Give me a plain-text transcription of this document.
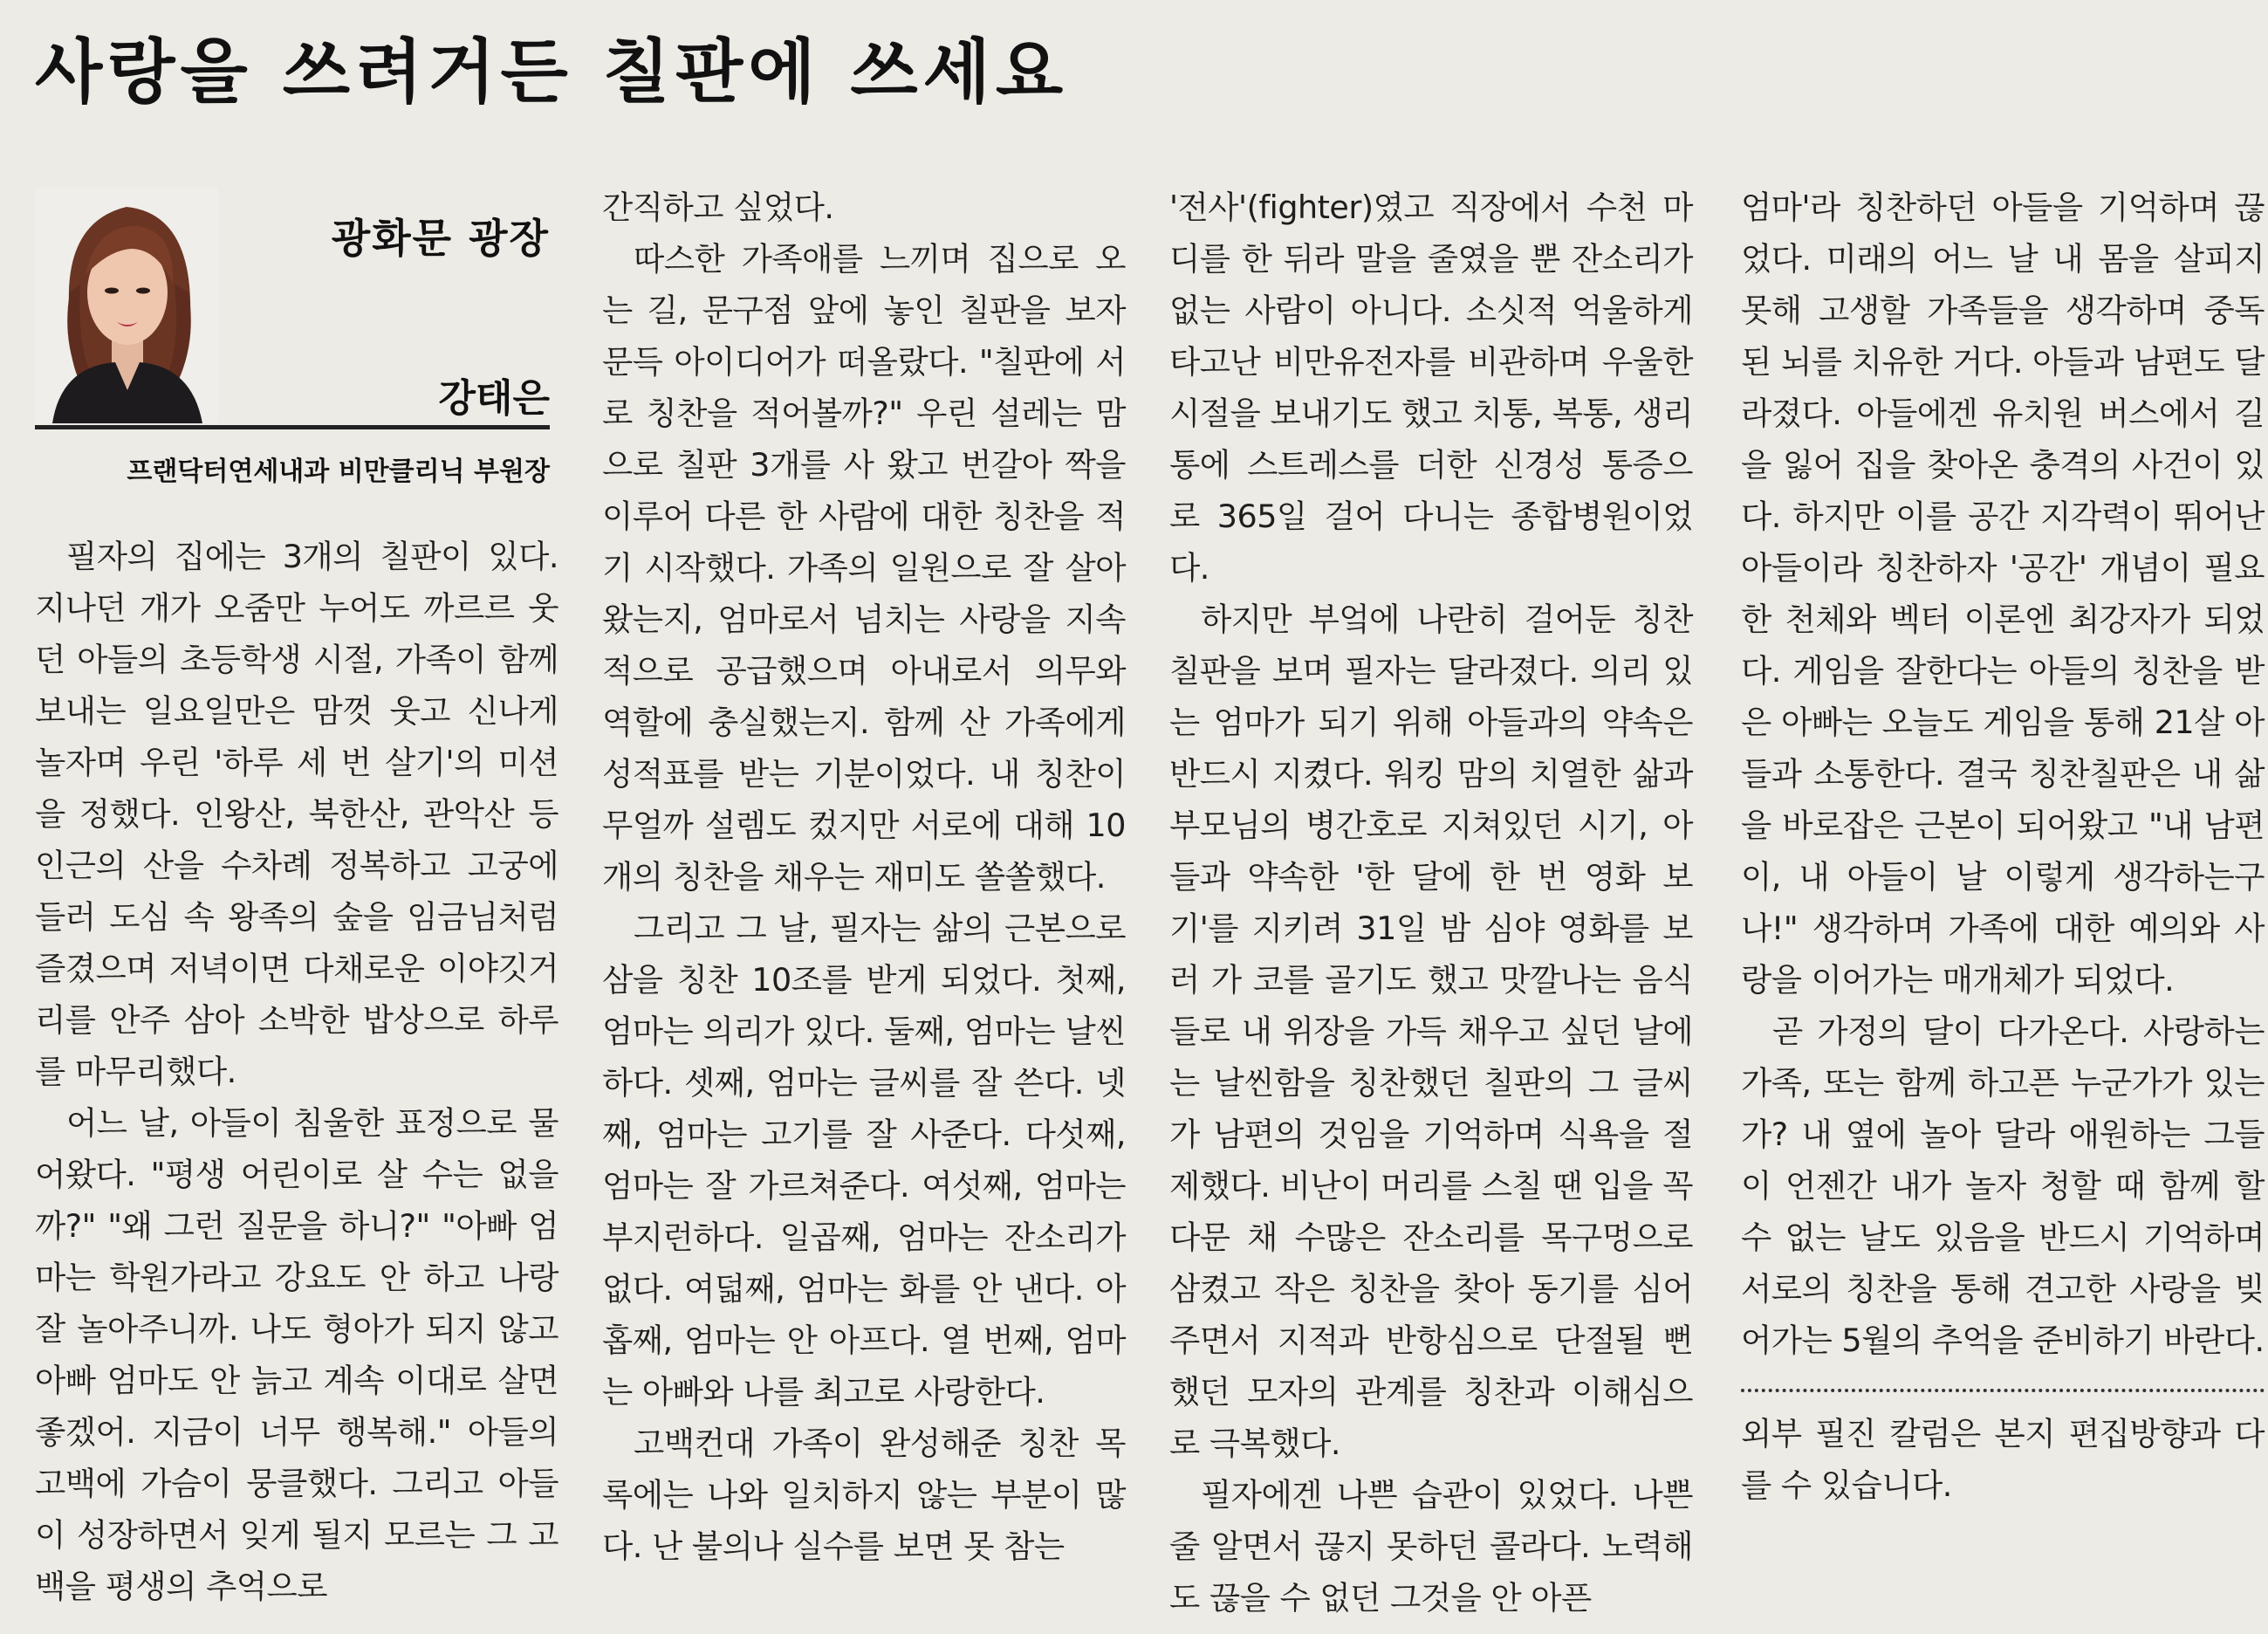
사랑을 쓰려거든 칠판에 쓰세요
광화문 광장
강태은
프랜닥터연세내과 비만클리닉 부원장

필자의 집에는 3개의 칠판이 있다. 지나던 개가 오줌만 누어도 까르르 웃던 아들의 초등학생 시절, 가족이 함께 보내는 일요일만은 맘껏 웃고 신나게 놀자며 우린 '하루 세 번 살기'의 미션을 정했다. 인왕산, 북한산, 관악산 등 인근의 산을 수차례 정복하고 고궁에 들러 도심 속 왕족의 숲을 임금님처럼 즐겼으며 저녁이면 다채로운 이야깃거리를 안주 삼아 소박한 밥상으로 하루를 마무리했다.

어느 날, 아들이 침울한 표정으로 물어왔다. "평생 어린이로 살 수는 없을까?" "왜 그런 질문을 하니?" "아빠 엄마는 학원가라고 강요도 안 하고 나랑 잘 놀아주니까. 나도 형아가 되지 않고 아빠 엄마도 안 늙고 계속 이대로 살면 좋겠어. 지금이 너무 행복해." 아들의 고백에 가슴이 뭉클했다. 그리고 아들이 성장하면서 잊게 될지 모르는 그 고백을 평생의 추억으로

간직하고 싶었다.

따스한 가족애를 느끼며 집으로 오는 길, 문구점 앞에 놓인 칠판을 보자 문득 아이디어가 떠올랐다. "칠판에 서로 칭찬을 적어볼까?" 우린 설레는 맘으로 칠판 3개를 사 왔고 번갈아 짝을 이루어 다른 한 사람에 대한 칭찬을 적기 시작했다. 가족의 일원으로 잘 살아왔는지, 엄마로서 넘치는 사랑을 지속적으로 공급했으며 아내로서 의무와 역할에 충실했는지. 함께 산 가족에게 성적표를 받는 기분이었다. 내 칭찬이 무얼까 설렘도 컸지만 서로에 대해 10개의 칭찬을 채우는 재미도 쏠쏠했다.

그리고 그 날, 필자는 삶의 근본으로 삼을 칭찬 10조를 받게 되었다. 첫째, 엄마는 의리가 있다. 둘째, 엄마는 날씬하다. 셋째, 엄마는 글씨를 잘 쓴다. 넷째, 엄마는 고기를 잘 사준다. 다섯째, 엄마는 잘 가르쳐준다. 여섯째, 엄마는 부지런하다. 일곱째, 엄마는 잔소리가 없다. 여덟째, 엄마는 화를 안 낸다. 아홉째, 엄마는 안 아프다. 열 번째, 엄마는 아빠와 나를 최고로 사랑한다.

고백컨대 가족이 완성해준 칭찬 목록에는 나와 일치하지 않는 부분이 많다. 난 불의나 실수를 보면 못 참는

'전사'(fighter)였고 직장에서 수천 마디를 한 뒤라 말을 줄였을 뿐 잔소리가 없는 사람이 아니다. 소싯적 억울하게 타고난 비만유전자를 비관하며 우울한 시절을 보내기도 했고 치통, 복통, 생리통에 스트레스를 더한 신경성 통증으로 365일 걸어 다니는 종합병원이었다.

하지만 부엌에 나란히 걸어둔 칭찬 칠판을 보며 필자는 달라졌다. 의리 있는 엄마가 되기 위해 아들과의 약속은 반드시 지켰다. 워킹 맘의 치열한 삶과 부모님의 병간호로 지쳐있던 시기, 아들과 약속한 '한 달에 한 번 영화 보기'를 지키려 31일 밤 심야 영화를 보러 가 코를 골기도 했고 맛깔나는 음식들로 내 위장을 가득 채우고 싶던 날에는 날씬함을 칭찬했던 칠판의 그 글씨가 남편의 것임을 기억하며 식욕을 절제했다. 비난이 머리를 스칠 땐 입을 꼭 다문 채 수많은 잔소리를 목구멍으로 삼켰고 작은 칭찬을 찾아 동기를 심어주면서 지적과 반항심으로 단절될 뻔했던 모자의 관계를 칭찬과 이해심으로 극복했다.

필자에겐 나쁜 습관이 있었다. 나쁜 줄 알면서 끊지 못하던 콜라다. 노력해도 끊을 수 없던 그것을 안 아픈

엄마'라 칭찬하던 아들을 기억하며 끊었다. 미래의 어느 날 내 몸을 살피지 못해 고생할 가족들을 생각하며 중독된 뇌를 치유한 거다. 아들과 남편도 달라졌다. 아들에겐 유치원 버스에서 길을 잃어 집을 찾아온 충격의 사건이 있다. 하지만 이를 공간 지각력이 뛰어난 아들이라 칭찬하자 '공간' 개념이 필요한 천체와 벡터 이론엔 최강자가 되었다. 게임을 잘한다는 아들의 칭찬을 받은 아빠는 오늘도 게임을 통해 21살 아들과 소통한다. 결국 칭찬칠판은 내 삶을 바로잡은 근본이 되어왔고 "내 남편이, 내 아들이 날 이렇게 생각하는구나!" 생각하며 가족에 대한 예의와 사랑을 이어가는 매개체가 되었다.

곧 가정의 달이 다가온다. 사랑하는 가족, 또는 함께 하고픈 누군가가 있는가? 내 옆에 놀아 달라 애원하는 그들이 언젠간 내가 놀자 청할 때 함께 할 수 없는 날도 있음을 반드시 기억하며 서로의 칭찬을 통해 견고한 사랑을 빚어가는 5월의 추억을 준비하기 바란다.

외부 필진 칼럼은 본지 편집방향과 다를 수 있습니다.
